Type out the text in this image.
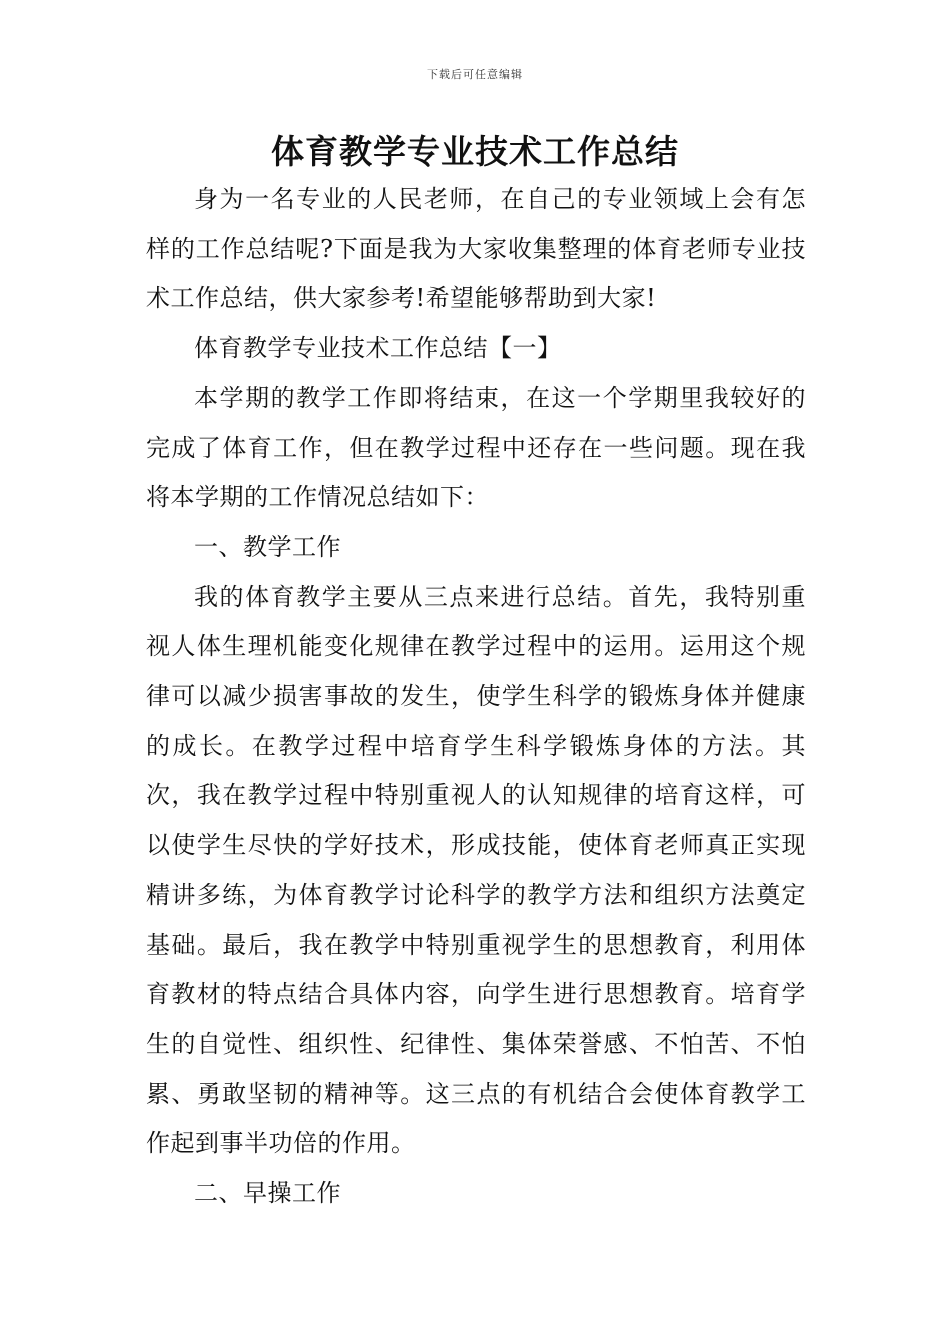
下载后可任意编辑
体育教学专业技术工作总结

身为一名专业的人民老师，在自己的专业领域上会有怎样的工作总结呢?下面是我为大家收集整理的体育老师专业技术工作总结，供大家参考!希望能够帮助到大家!

体育教学专业技术工作总结【一】

本学期的教学工作即将结束，在这一个学期里我较好的完成了体育工作，但在教学过程中还存在一些问题。现在我将本学期的工作情况总结如下：

一、教学工作

我的体育教学主要从三点来进行总结。首先，我特别重视人体生理机能变化规律在教学过程中的运用。运用这个规律可以减少损害事故的发生，使学生科学的锻炼身体并健康的成长。在教学过程中培育学生科学锻炼身体的方法。其次，我在教学过程中特别重视人的认知规律的培育这样，可以使学生尽快的学好技术，形成技能，使体育老师真正实现精讲多练，为体育教学讨论科学的教学方法和组织方法奠定基础。最后，我在教学中特别重视学生的思想教育，利用体育教材的特点结合具体内容，向学生进行思想教育。培育学生的自觉性、组织性、纪律性、集体荣誉感、不怕苦、不怕累、勇敢坚韧的精神等。这三点的有机结合会使体育教学工作起到事半功倍的作用。

二、早操工作
